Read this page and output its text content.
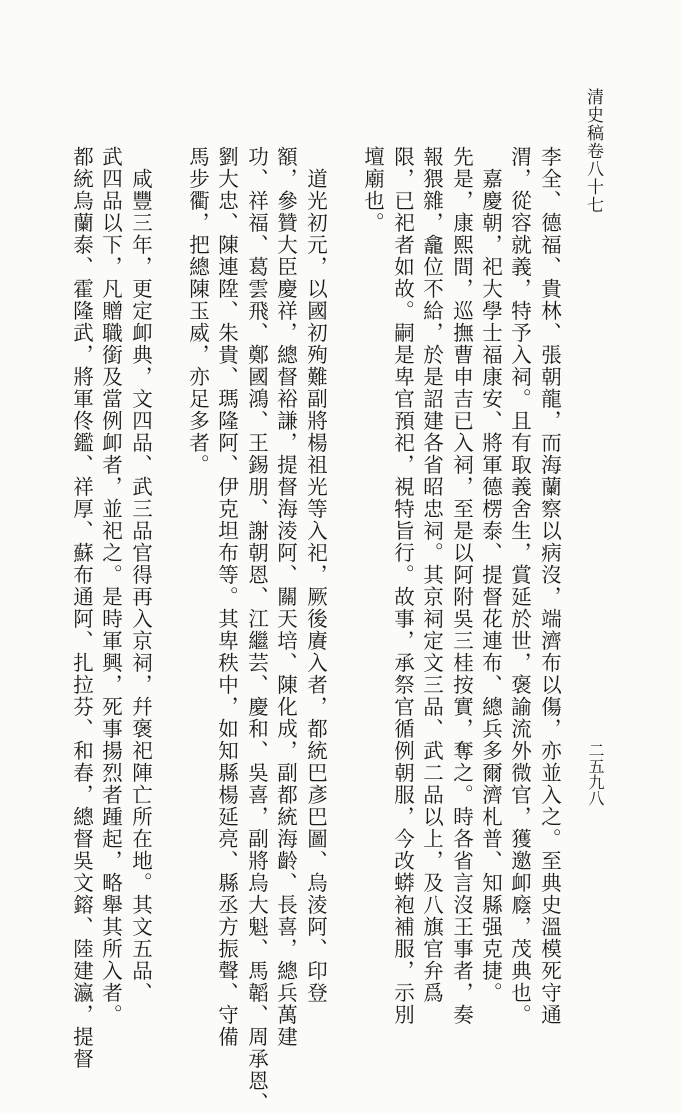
清史稿卷八十七
二五九八
李全、德福、貴林、張朝龍，而海蘭察以病沒，端濟布以傷，亦並入之。至典史溫模死守通
渭，從容就義，特予入祠。且有取義舍生，賞延於世，褒諭流外微官，獲邀卹廕，茂典也。
　嘉慶朝，祀大學士福康安、將軍德楞泰、提督花連布、總兵多爾濟札普、知縣强克捷。
先是，康熙間，巡撫曹申吉已入祠，至是以阿附吳三桂按實，奪之。時各省言沒王事者，奏
報猥雜，龕位不給，於是詔建各省昭忠祠。其京祠定文三品、武二品以上，及八旗官弁爲
限，已祀者如故。嗣是卑官預祀，視特旨行。故事，承祭官循例朝服，今改蟒袍補服，示別
壇廟也。
　道光初元，以國初殉難副將楊祖光等入祀，厥後賡入者，都統巴彥巴圖、烏淩阿、印登
額，參贊大臣慶祥，總督裕謙，提督海淩阿、關天培、陳化成，副都統海齡、長喜，總兵萬建
功、祥福、葛雲飛、鄭國鴻、王錫朋、謝朝恩、江繼芸、慶和、吳喜，副將烏大魁、馬韜、周承恩、
劉大忠、陳連陞、朱貴、瑪隆阿、伊克坦布等。其卑秩中，如知縣楊延亮、縣丞方振聲、守備
馬步衢，把總陳玉威，亦足多者。
　咸豐三年，更定卹典，文四品、武三品官得再入京祠，幷褒祀陣亡所在地。其文五品、
武四品以下，凡贈職銜及當例卹者，並祀之。是時軍興，死事揚烈者踵起，略舉其所入者。
都統烏蘭泰、霍隆武，將軍佟鑑、祥厚、蘇布通阿、扎拉芬、和春，總督吳文鎔、陸建瀛，提督
